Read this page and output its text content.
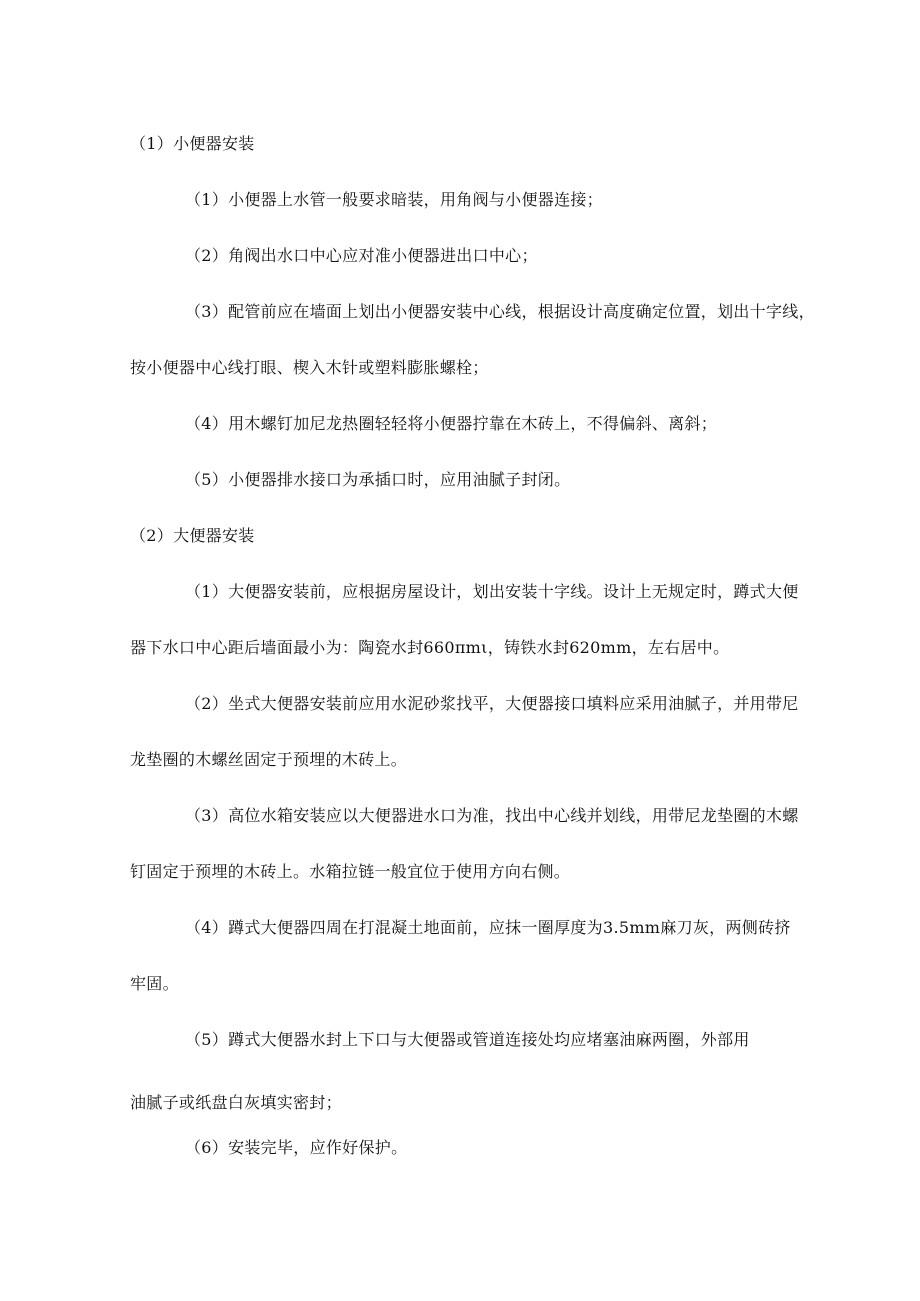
（1）小便器安装
（1）小便器上水管一般要求暗装，用角阀与小便器连接；
（2）角阀出水口中心应对准小便器进出口中心；
（3）配管前应在墙面上划出小便器安装中心线，根据设计高度确定位置，划出十字线，
按小便器中心线打眼、楔入木针或塑料膨胀螺栓；
（4）用木螺钉加尼龙热圈轻轻将小便器拧靠在木砖上，不得偏斜、离斜；
（5）小便器排水接口为承插口时，应用油腻子封闭。
（2）大便器安装
（1）大便器安装前，应根据房屋设计，划出安装十字线。设计上无规定时，蹲式大便
器下水口中心距后墙面最小为：陶瓷水封660πmι，铸铁水封620mm，左右居中。
（2）坐式大便器安装前应用水泥砂浆找平，大便器接口填料应采用油腻子，并用带尼
龙垫圈的木螺丝固定于预埋的木砖上。
（3）高位水箱安装应以大便器进水口为准，找出中心线并划线，用带尼龙垫圈的木螺
钉固定于预埋的木砖上。水箱拉链一般宜位于使用方向右侧。
（4）蹲式大便器四周在打混凝土地面前，应抹一圈厚度为3.5mm麻刀灰，两侧砖挤
牢固。
（5）蹲式大便器水封上下口与大便器或管道连接处均应堵塞油麻两圈，外部用
油腻子或纸盘白灰填实密封；
（6）安装完毕，应作好保护。
